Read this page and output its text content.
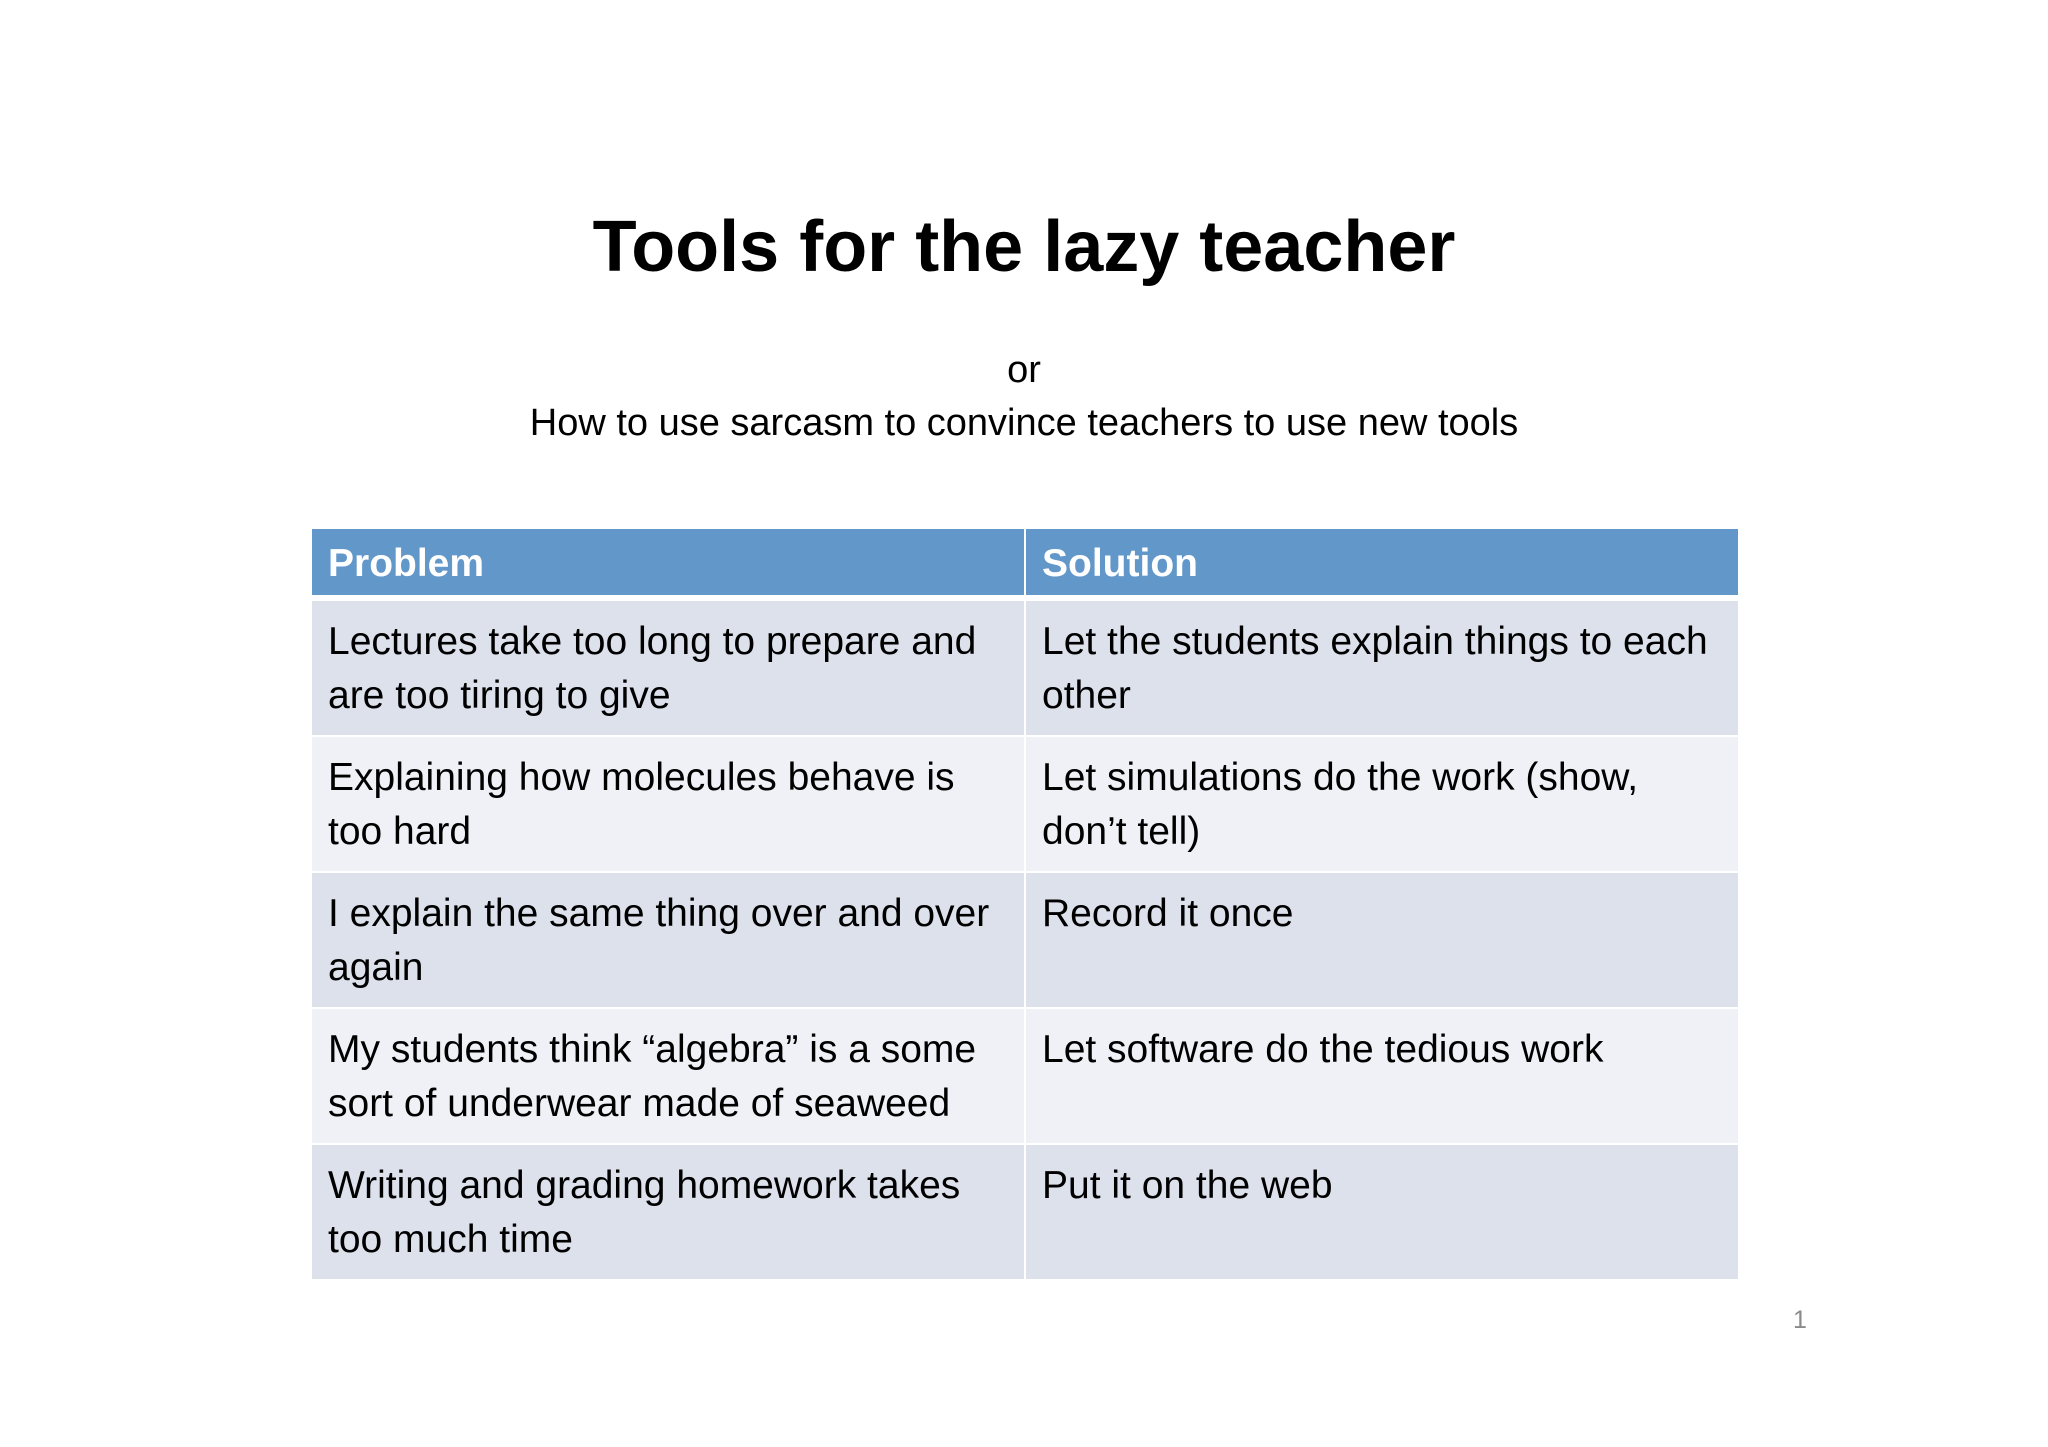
Tools for the lazy teacher
or
How to use sarcasm to convince teachers to use new tools
Problem	Solution
Lectures take too long to prepare and are too tiring to give	Let the students explain things to each other
Explaining how molecules behave is too hard	Let simulations do the work (show, don’t tell)
I explain the same thing over and over again	Record it once
My students think “algebra” is a some sort of underwear made of seaweed	Let software do the tedious work
Writing and grading homework takes too much time	Put it on the web
1
